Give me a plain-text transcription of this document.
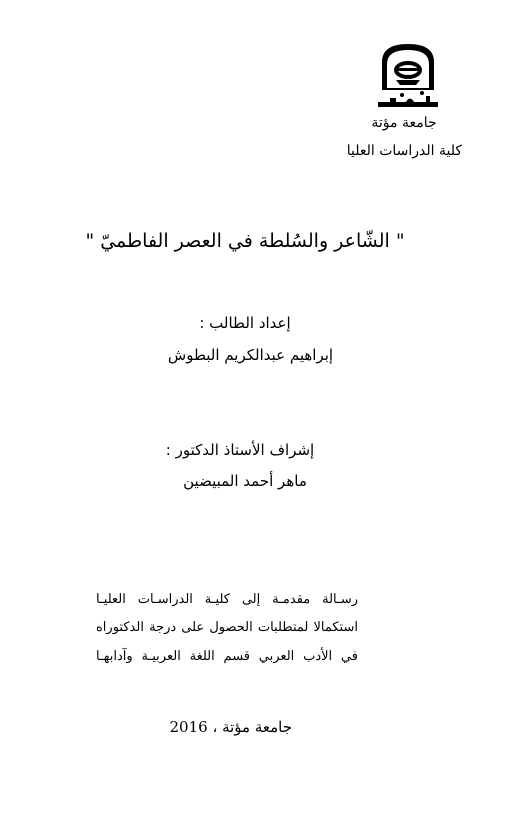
جامعة مؤتة
كلية الدراسات العليا
" الشّاعر والسُلطة في العصر الفاطميّ "
إعداد الطالب :
إبراهيم عبدالكريم البطوش
إشراف الأستاذ الدكتور :
ماهر أحمد المبيضين
رسـالة مقدمـة إلى كليـة الدراسـات العليـا
استكمالا لمتطلبات الحصول على درجة الدكتوراه
في الأدب العربي قسم اللغة العربيـة وآدابهـا
جامعة مؤتة ، 2016
